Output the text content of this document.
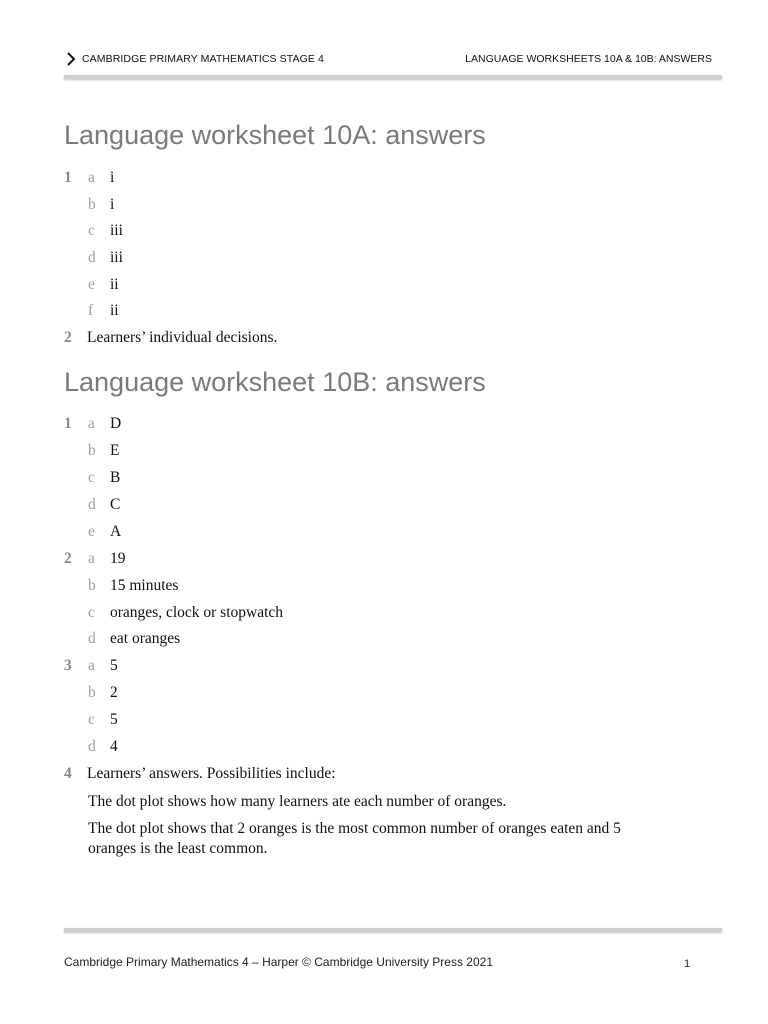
CAMBRIDGE PRIMARY MATHEMATICS STAGE 4	LANGUAGE WORKSHEETS 10A & 10B: ANSWERS
Language worksheet 10A: answers
1 a i
b i
c iii
d iii
e ii
f ii
2 Learners’ individual decisions.
Language worksheet 10B: answers
1 a D
b E
c B
d C
e A
2 a 19
b 15 minutes
c oranges, clock or stopwatch
d eat oranges
3 a 5
b 2
c 5
d 4
4 Learners’ answers. Possibilities include:
The dot plot shows how many learners ate each number of oranges.
The dot plot shows that 2 oranges is the most common number of oranges eaten and 5 oranges is the least common.
Cambridge Primary Mathematics 4 – Harper © Cambridge University Press 2021	1
